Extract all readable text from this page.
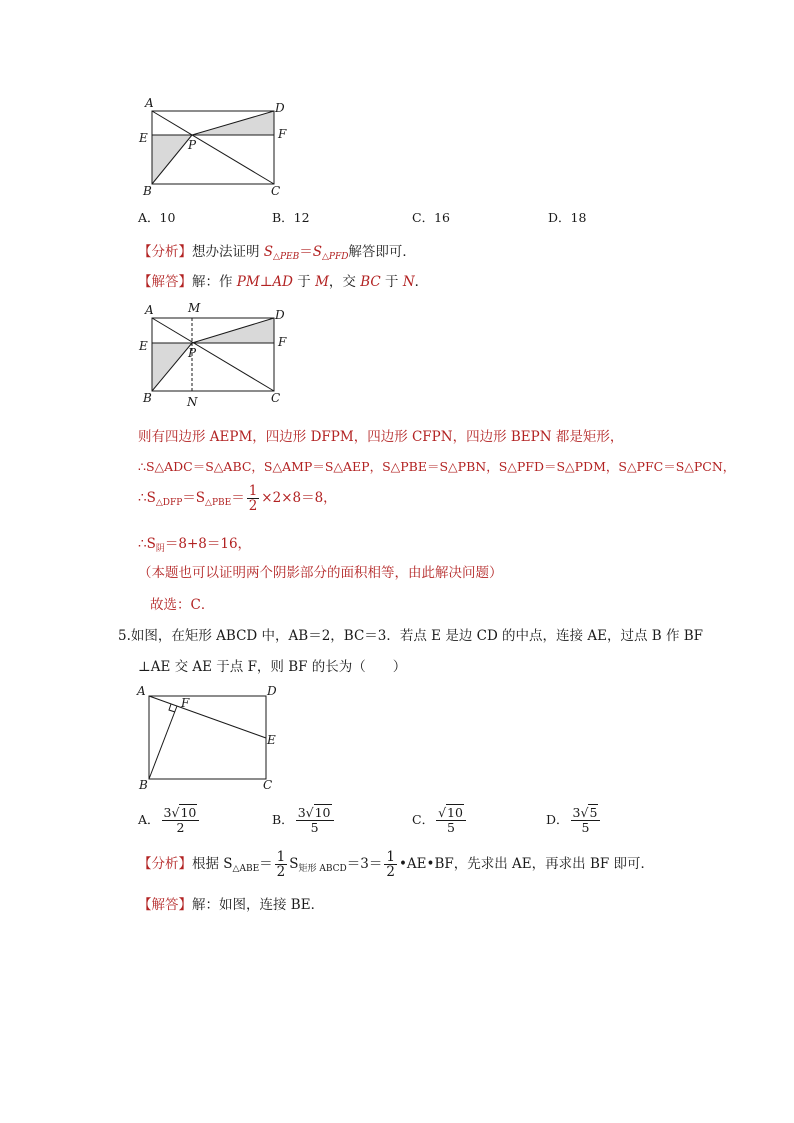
A	D
E	F
P
B	C
A．10	B．12	C．16	D．18
【分析】想办法证明 $S_{\triangle PEB}=S_{\triangle PFD}$解答即可．
【解答】解：作 PM⊥AD 于 M，交 BC 于 N．
A	M	D
E	F
P
B	N	C
则有四边形 AEPM，四边形 DFPM，四边形 CFPN，四边形 BEPN 都是矩形，
∴S△ADC＝S△ABC，S△AMP＝S△AEP，S△PBE＝S△PBN，S△PFD＝S△PDM，S△PFC＝S△PCN，
$\therefore S_{\triangle DFP}=S_{\triangle PBE}= \frac{1}{2} \times 2\times 8=8$，
$\therefore S_阴=8+8=16$，
（本题也可以证明两个阴影部分的面积相等，由此解决问题）
故选：C．
5.如图，在矩形 ABCD 中，AB＝2，BC＝3．若点 E 是边 CD 的中点，连接 AE，过点 B 作 BF
⊥AE 交 AE 于点 F，则 BF 的长为（　　）
A	D
F
E
B	C
A． $\frac{3√10}{2}$	B． $\frac{3√10}{5}$	C． $\frac{√10}{5}$	D． $\frac{3√5}{5}$
【分析】根据 $S_{\triangle ABE}= \frac{1}{2} S_{矩形 ABCD}=3= \frac{1}{2}$ •AE•BF，先求出 AE，再求出 BF 即可．
【解答】解：如图，连接 BE．
